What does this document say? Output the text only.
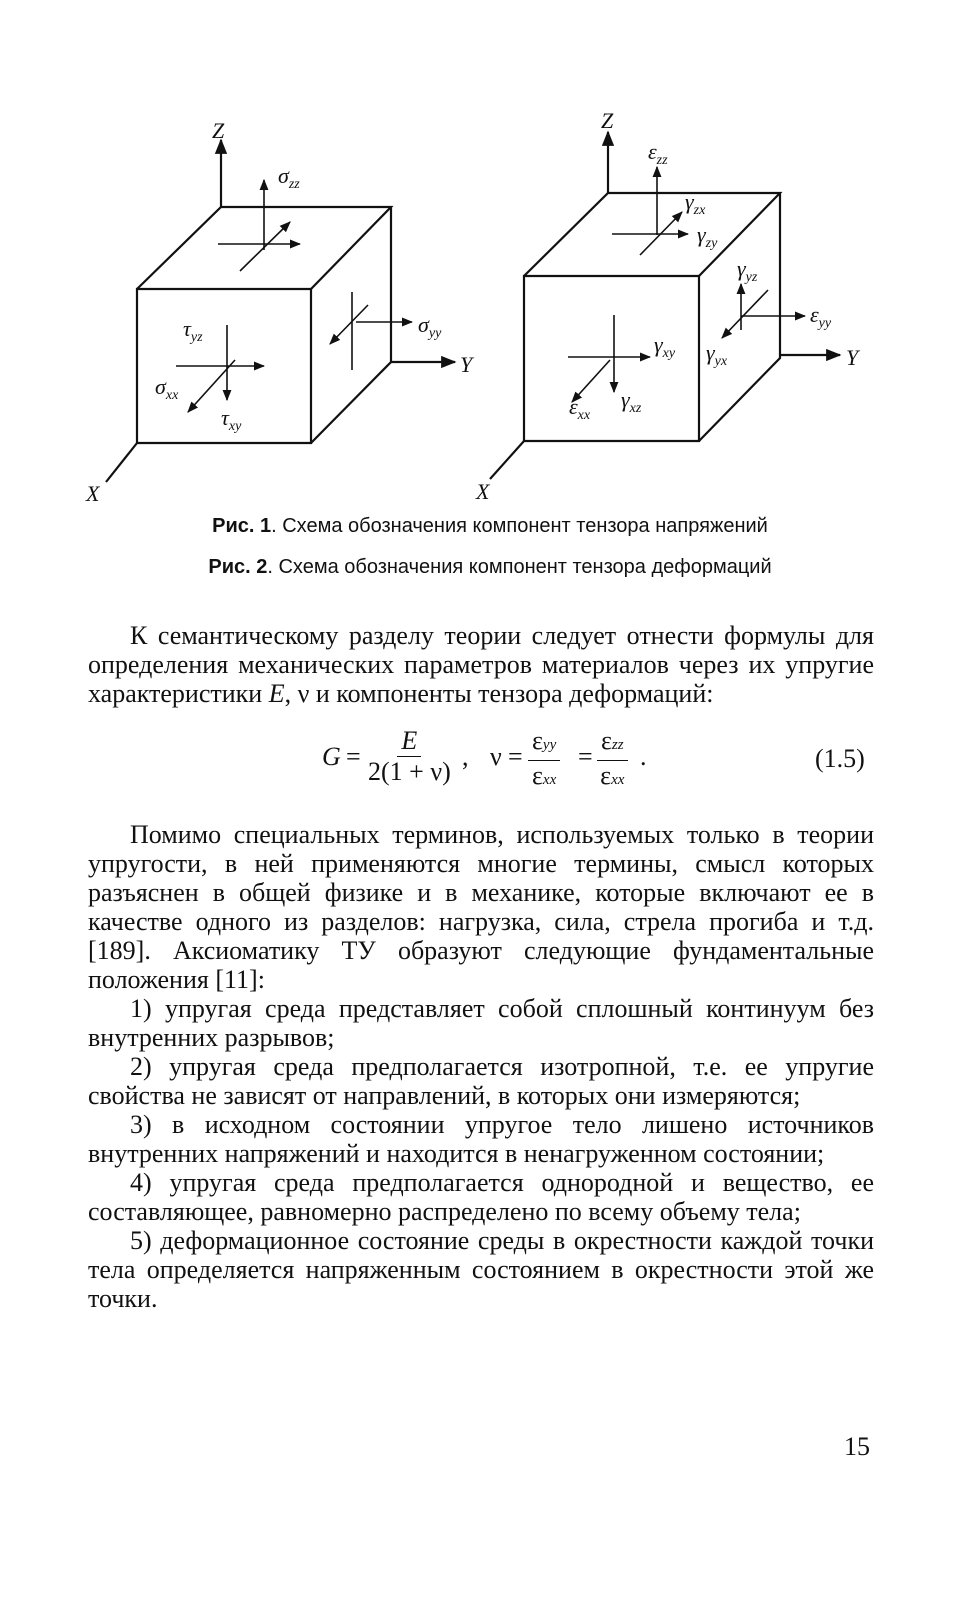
Z
Y
X
$\sigma_{zz}$
$\sigma_{yy}$
$\tau_{yz}$
$\sigma_{xx}$
$\tau_{xy}$
Z
Y
X
$\varepsilon_{zz}$
$\gamma_{zx}$
$\gamma_{zy}$
$\gamma_{yz}$
$\varepsilon_{yy}$
$\gamma_{xy}$ $\gamma_{yx}$
$\varepsilon_{xx}$
$\gamma_{xz}$
Рис. 1. Схема обозначения компонент тензора напряжений
Рис. 2. Схема обозначения компонент тензора деформаций

К семантическому разделу теории следует отнести формулы для определения механических параметров материалов через их упругие характеристики E, ν и компоненты тензора деформаций:

G =
E
2(1 + ν)
, ν =
εyy
εxx
=
εzz
εxx
.	(1.5)

Помимо специальных терминов, используемых только в теории упругости, в ней применяются многие термины, смысл которых разъяснен в общей физике и в механике, которые включают ее в качестве одного из разделов: нагрузка, сила, стрела прогиба и т.д. [189]. Аксиоматику ТУ образуют следующие фундаментальные положения [11]:

1) упругая среда представляет собой сплошный континуум без внутренних разрывов;

2) упругая среда предполагается изотропной, т.е. ее упругие свойства не зависят от направлений, в которых они измеряются;

3) в исходном состоянии упругое тело лишено источников внутренних напряжений и находится в ненагруженном состоянии;

4) упругая среда предполагается однородной и вещество, ее составляющее, равномерно распределено по всему объему тела;

5) деформационное состояние среды в окрестности каждой точки тела определяется напряженным состоянием в окрестности этой же точки.

15
